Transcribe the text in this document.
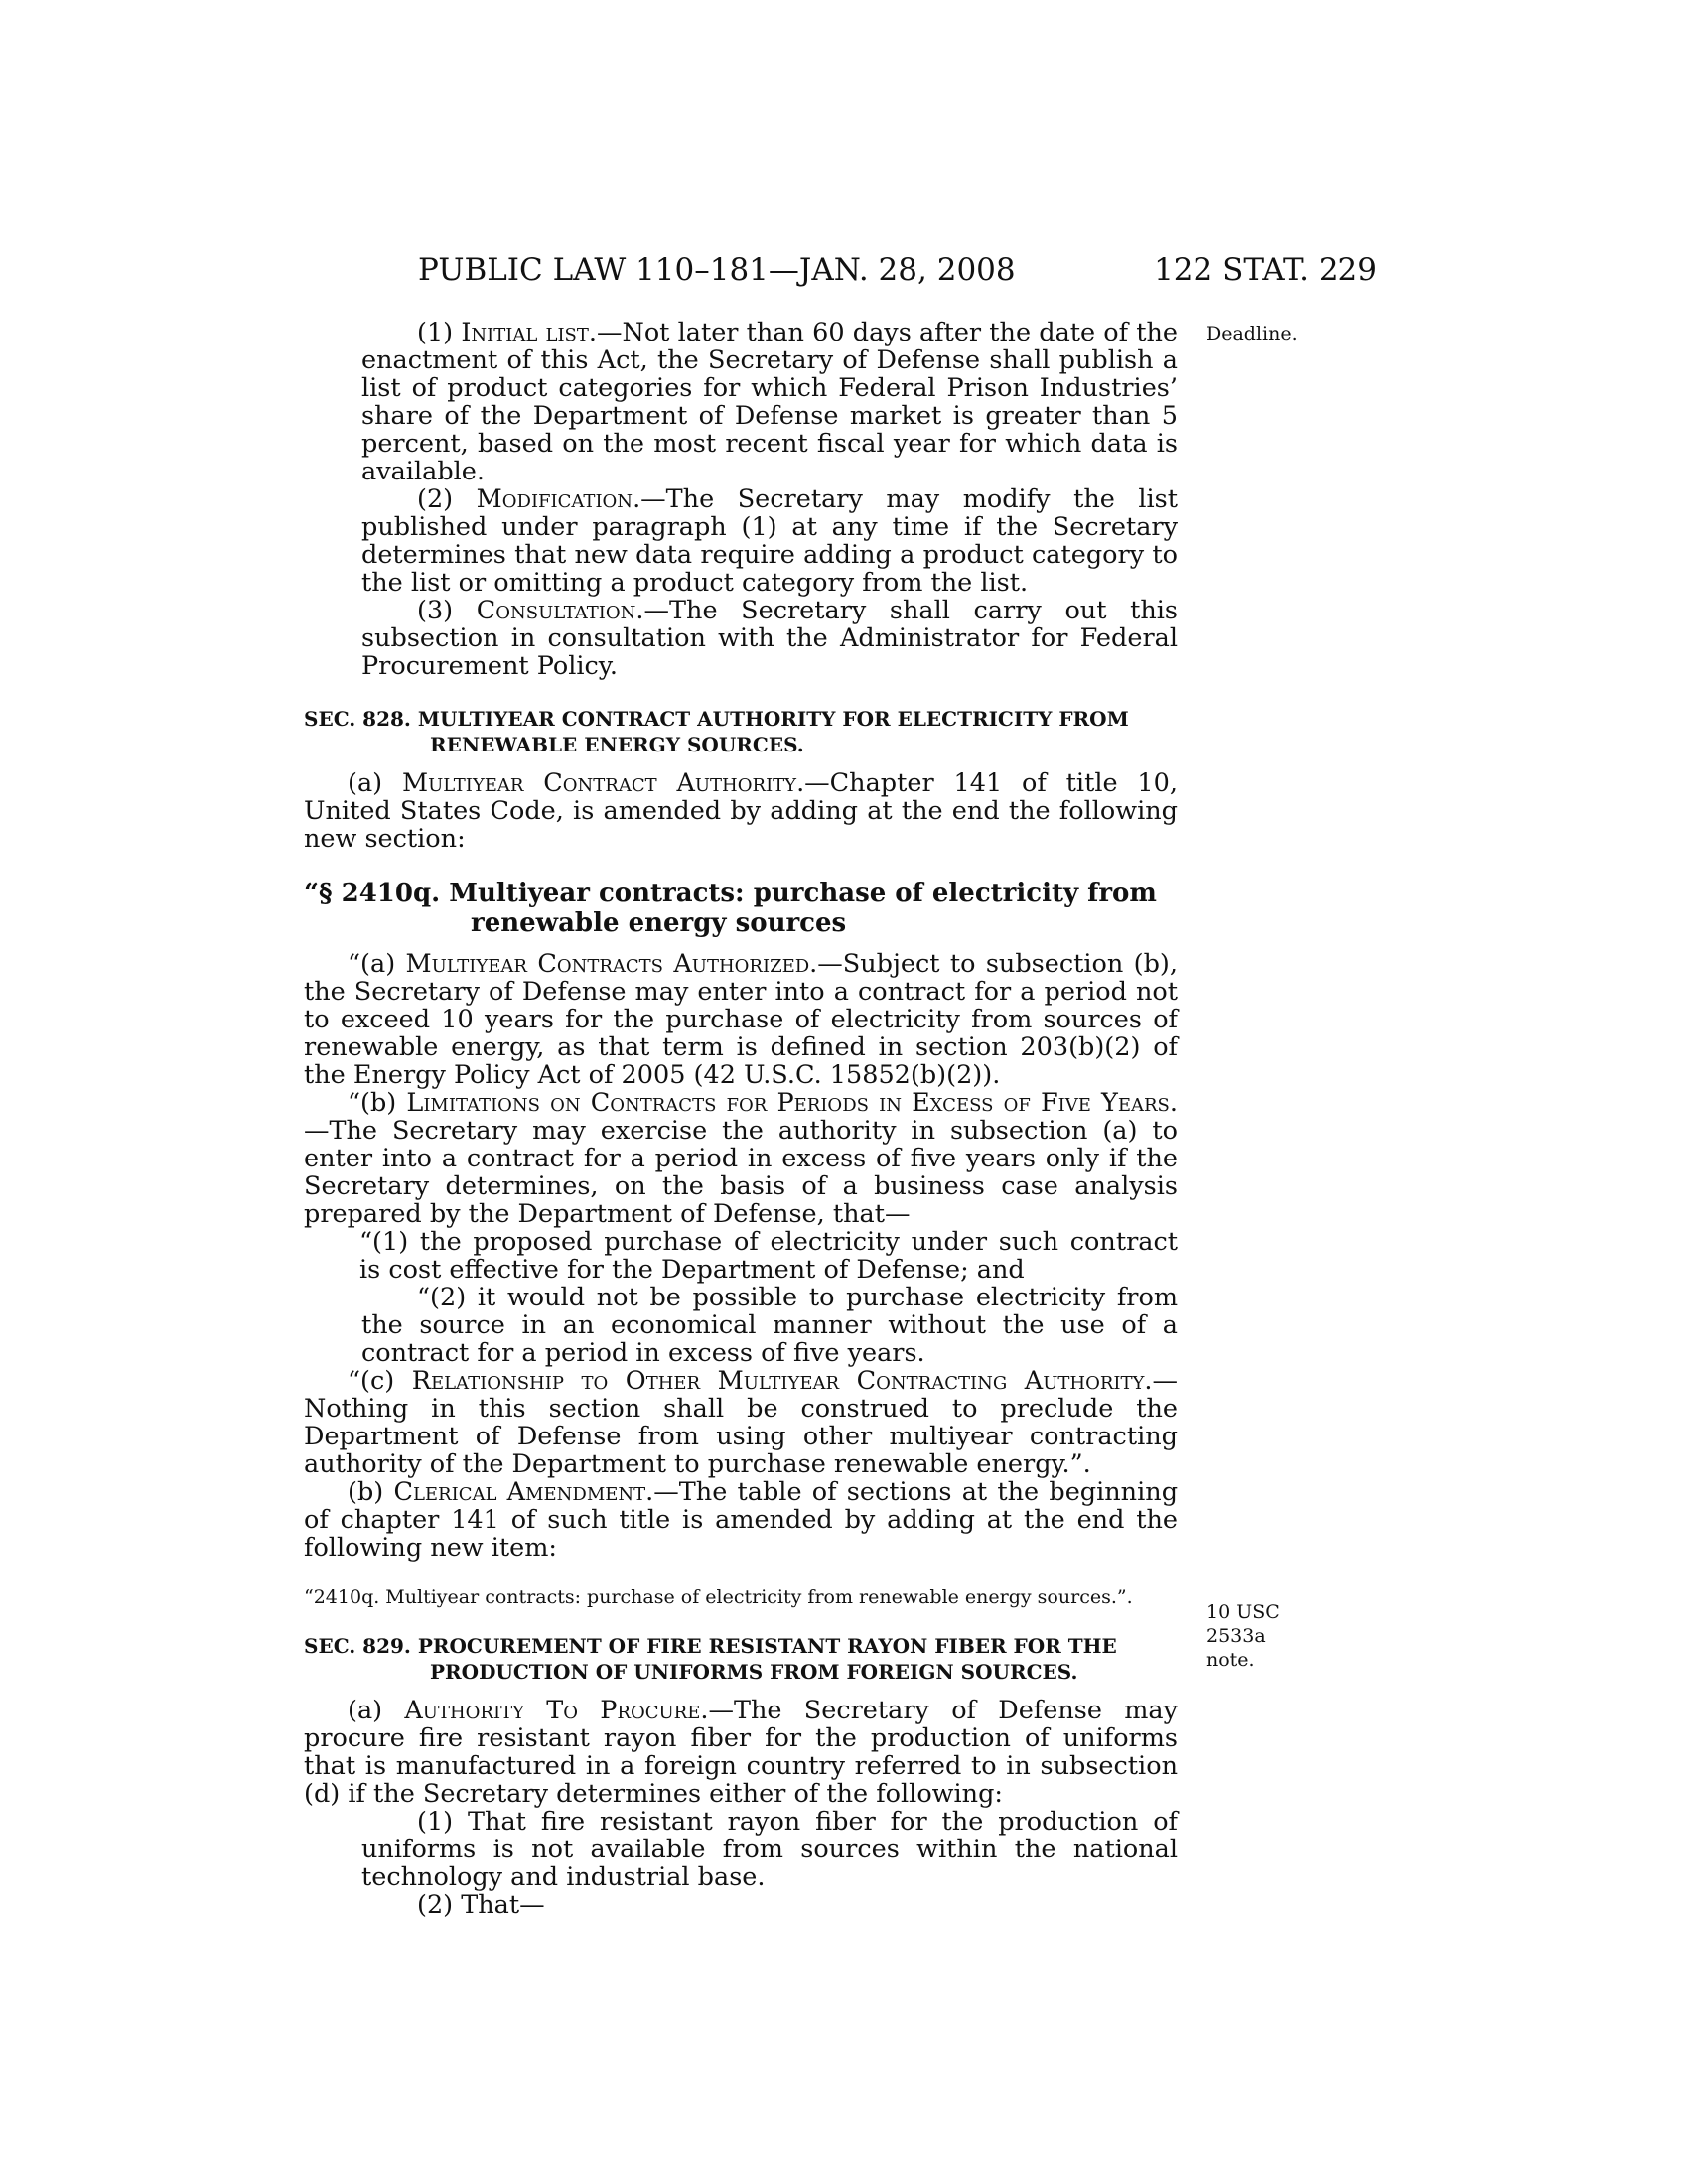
PUBLIC LAW 110–181—JAN. 28, 2008	122 STAT. 229
Deadline.
10 USC 2533a
note.

(1) Initial list.—Not later than 60 days after the date of the enactment of this Act, the Secretary of Defense shall publish a list of product categories for which Federal Prison Industries’ share of the Department of Defense market is greater than 5 percent, based on the most recent fiscal year for which data is available.

(2) Modification.—The Secretary may modify the list published under paragraph (1) at any time if the Secretary determines that new data require adding a product category to the list or omitting a product category from the list.

(3) Consultation.—The Secretary shall carry out this subsection in consultation with the Administrator for Federal Procurement Policy.

SEC. 828. MULTIYEAR CONTRACT AUTHORITY FOR ELECTRICITY FROM RENEWABLE ENERGY SOURCES.

(a) Multiyear Contract Authority.—Chapter 141 of title 10, United States Code, is amended by adding at the end the following new section:

“§ 2410q. Multiyear contracts: purchase of electricity from renewable energy sources

“(a) Multiyear Contracts Authorized.—Subject to subsection (b), the Secretary of Defense may enter into a contract for a period not to exceed 10 years for the purchase of electricity from sources of renewable energy, as that term is defined in section 203(b)(2) of the Energy Policy Act of 2005 (42 U.S.C. 15852(b)(2)).

“(b) Limitations on Contracts for Periods in Excess of Five Years.—The Secretary may exercise the authority in subsection (a) to enter into a contract for a period in excess of five years only if the Secretary determines, on the basis of a business case analysis prepared by the Department of Defense, that—

“(1) the proposed purchase of electricity under such contract is cost effective for the Department of Defense; and

“(2) it would not be possible to purchase electricity from the source in an economical manner without the use of a contract for a period in excess of five years.

“(c) Relationship to Other Multiyear Contracting Authority.—Nothing in this section shall be construed to preclude the Department of Defense from using other multiyear contracting authority of the Department to purchase renewable energy.”.

(b) Clerical Amendment.—The table of sections at the beginning of chapter 141 of such title is amended by adding at the end the following new item:

“2410q. Multiyear contracts: purchase of electricity from renewable energy sources.”.
SEC. 829. PROCUREMENT OF FIRE RESISTANT RAYON FIBER FOR THE PRODUCTION OF UNIFORMS FROM FOREIGN SOURCES.

(a) Authority To Procure.—The Secretary of Defense may procure fire resistant rayon fiber for the production of uniforms that is manufactured in a foreign country referred to in subsection (d) if the Secretary determines either of the following:

(1) That fire resistant rayon fiber for the production of uniforms is not available from sources within the national technology and industrial base.

(2) That—
